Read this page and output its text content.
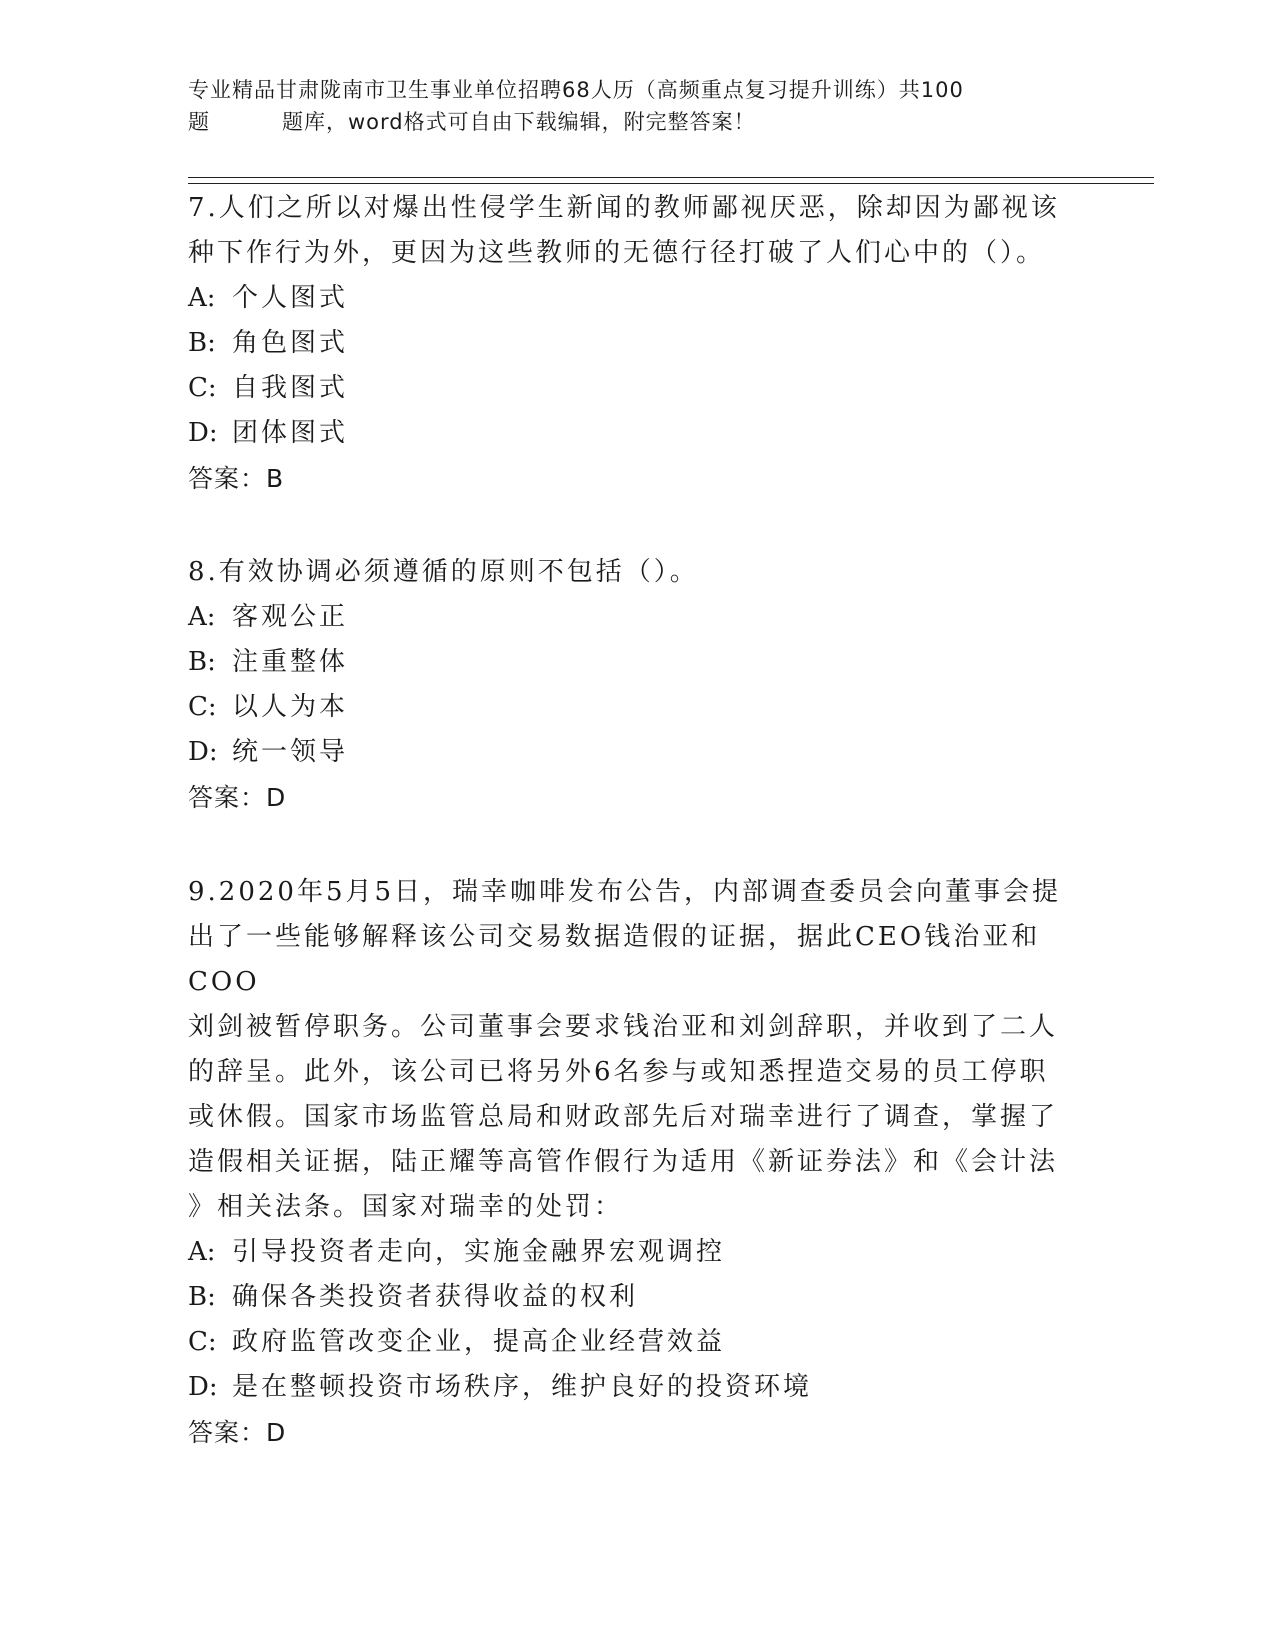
专业精品甘肃陇南市卫生事业单位招聘68人历（高频重点复习提升训练）共100
题	题库，word格式可自由下载编辑，附完整答案！

7.人们之所以对爆出性侵学生新闻的教师鄙视厌恶，除却因为鄙视该

种下作行为外，更因为这些教师的无德行径打破了人们心中的（）。

A: 个人图式

B: 角色图式

C: 自我图式

D: 团体图式

答案：B

8.有效协调必须遵循的原则不包括（）。

A: 客观公正

B: 注重整体

C: 以人为本

D: 统一领导

答案：D

9.2020年5月5日，瑞幸咖啡发布公告，内部调查委员会向董事会提

出了一些能够解释该公司交易数据造假的证据，据此CEO钱治亚和COO

刘剑被暂停职务。公司董事会要求钱治亚和刘剑辞职，并收到了二人

的辞呈。此外，该公司已将另外6名参与或知悉捏造交易的员工停职

或休假。国家市场监管总局和财政部先后对瑞幸进行了调查，掌握了

造假相关证据，陆正耀等高管作假行为适用《新证券法》和《会计法

》相关法条。国家对瑞幸的处罚：

A: 引导投资者走向，实施金融界宏观调控

B: 确保各类投资者获得收益的权利

C: 政府监管改变企业，提高企业经营效益

D: 是在整顿投资市场秩序，维护良好的投资环境

答案：D
